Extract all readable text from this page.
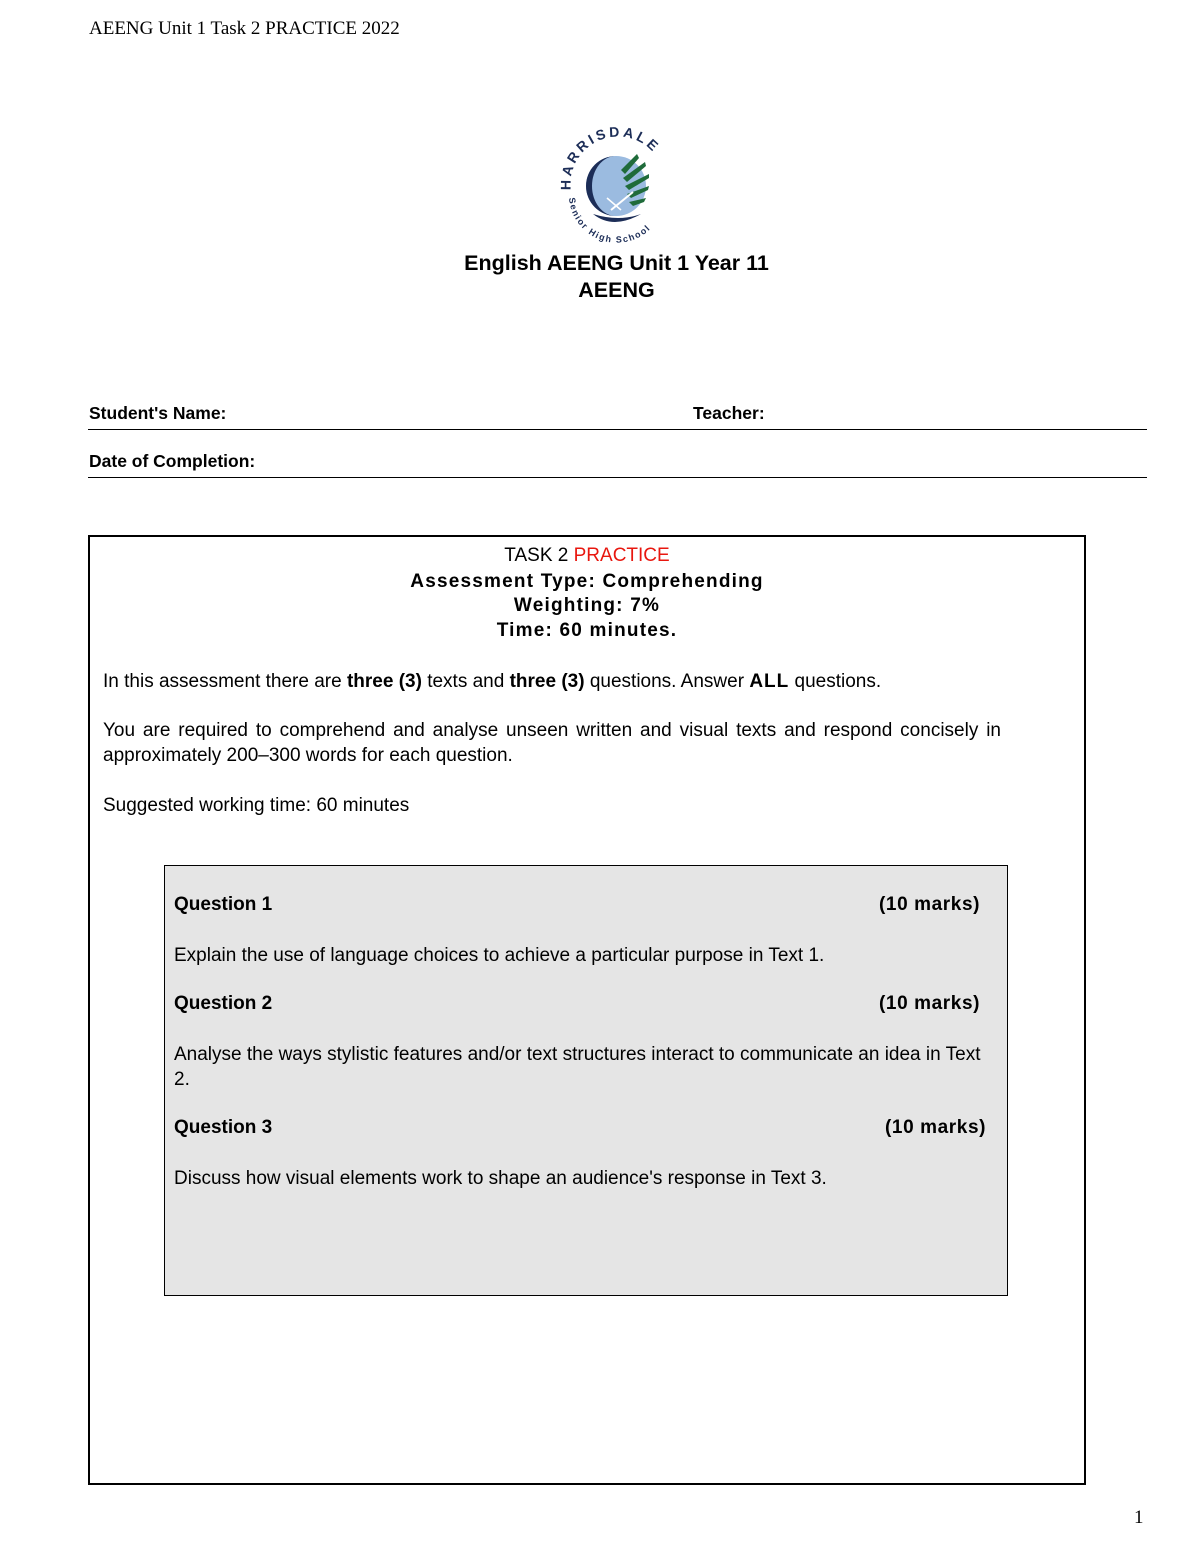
AEENG Unit 1 Task 2 PRACTICE 2022
HARRISDALE
Senior High School
English AEENG Unit 1 Year 11
AEENG
Student's Name:	Teacher:
Date of Completion:
TASK 2 PRACTICE
Assessment Type: Comprehending
Weighting: 7%
Time: 60 minutes.
In this assessment there are three (3) texts and three (3) questions. Answer ALL questions.
You are required to comprehend and analyse unseen written and visual texts and respond concisely in approximately 200–300 words for each question.
Suggested working time: 60 minutes
Question 1	(10 marks)
Explain the use of language choices to achieve a particular purpose in Text 1.
Question 2	(10 marks)
Analyse the ways stylistic features and/or text structures interact to communicate an idea in Text 2.
Question 3	(10 marks)
Discuss how visual elements work to shape an audience's response in Text 3.
1
